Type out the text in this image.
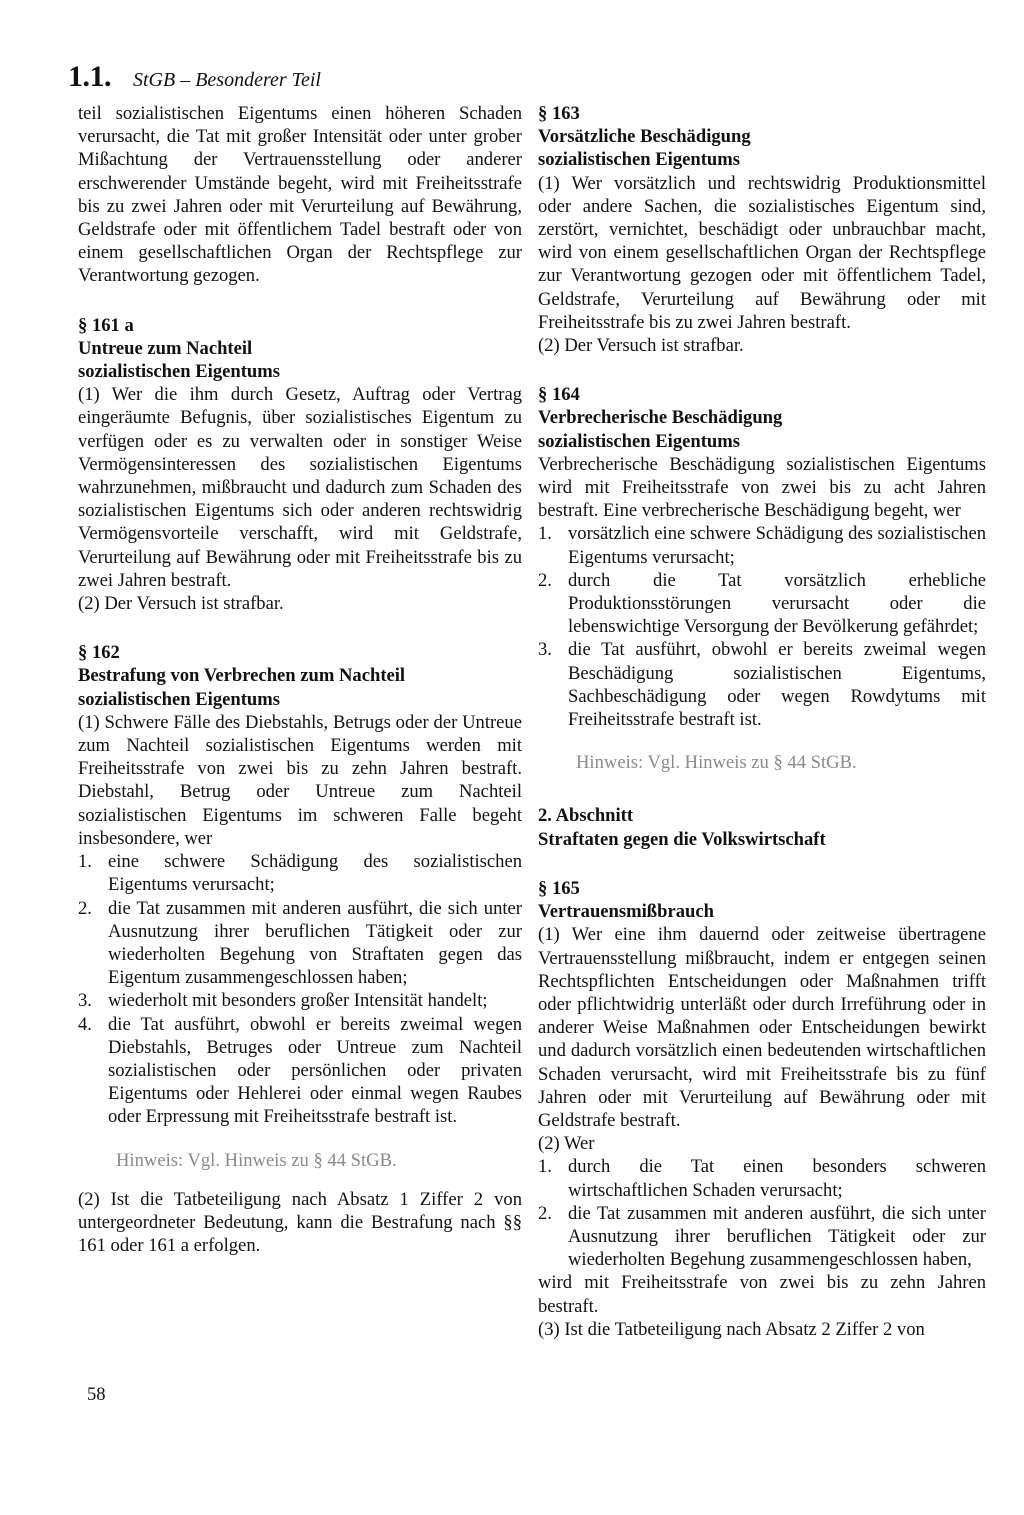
1.1. StGB – Besonderer Teil

teil sozialistischen Eigentums einen höheren Schaden verursacht, die Tat mit großer Intensität oder unter grober Mißachtung der Vertrauensstellung oder anderer erschwerender Umstände begeht, wird mit Freiheitsstrafe bis zu zwei Jahren oder mit Verurteilung auf Bewährung, Geldstrafe oder mit öffentlichem Tadel bestraft oder von einem gesellschaftlichen Organ der Rechtspflege zur Verantwortung gezogen.

§ 161 a

Untreue zum Nachteil

sozialistischen Eigentums

(1) Wer die ihm durch Gesetz, Auftrag oder Vertrag eingeräumte Befugnis, über sozialistisches Eigentum zu verfügen oder es zu verwalten oder in sonstiger Weise Vermögensinteressen des sozialistischen Eigentums wahrzunehmen, mißbraucht und dadurch zum Schaden des sozialistischen Eigentums sich oder anderen rechtswidrig Vermögensvorteile verschafft, wird mit Geldstrafe, Verurteilung auf Bewährung oder mit Freiheitsstrafe bis zu zwei Jahren bestraft.

(2) Der Versuch ist strafbar.

§ 162

Bestrafung von Verbrechen zum Nachteil

sozialistischen Eigentums

(1) Schwere Fälle des Diebstahls, Betrugs oder der Untreue zum Nachteil sozialistischen Eigentums werden mit Freiheitsstrafe von zwei bis zu zehn Jahren bestraft. Diebstahl, Betrug oder Untreue zum Nachteil sozialistischen Eigentums im schweren Falle begeht insbesondere, wer

1. eine schwere Schädigung des sozialistischen Eigentums verursacht;
2. die Tat zusammen mit anderen ausführt, die sich unter Ausnutzung ihrer beruflichen Tätigkeit oder zur wiederholten Begehung von Straftaten gegen das Eigentum zusammengeschlossen haben;
3. wiederholt mit besonders großer Intensität handelt;
4. die Tat ausführt, obwohl er bereits zweimal wegen Diebstahls, Betruges oder Untreue zum Nachteil sozialistischen oder persönlichen oder privaten Eigentums oder Hehlerei oder einmal wegen Raubes oder Erpressung mit Freiheitsstrafe bestraft ist.

Hinweis: Vgl. Hinweis zu § 44 StGB.

(2) Ist die Tatbeteiligung nach Absatz 1 Ziffer 2 von untergeordneter Bedeutung, kann die Bestrafung nach §§ 161 oder 161 a erfolgen.

§ 163

Vorsätzliche Beschädigung

sozialistischen Eigentums

(1) Wer vorsätzlich und rechtswidrig Produktionsmittel oder andere Sachen, die sozialistisches Eigentum sind, zerstört, vernichtet, beschädigt oder unbrauchbar macht, wird von einem gesellschaftlichen Organ der Rechtspflege zur Verantwortung gezogen oder mit öffentlichem Tadel, Geldstrafe, Verurteilung auf Bewährung oder mit Freiheitsstrafe bis zu zwei Jahren bestraft.

(2) Der Versuch ist strafbar.

§ 164

Verbrecherische Beschädigung

sozialistischen Eigentums

Verbrecherische Beschädigung sozialistischen Eigentums wird mit Freiheitsstrafe von zwei bis zu acht Jahren bestraft. Eine verbrecherische Beschädigung begeht, wer

1. vorsätzlich eine schwere Schädigung des sozialistischen Eigentums verursacht;
2. durch die Tat vorsätzlich erhebliche Produktionsstörungen verursacht oder die lebenswichtige Versorgung der Bevölkerung gefährdet;
3. die Tat ausführt, obwohl er bereits zweimal wegen Beschädigung sozialistischen Eigentums, Sachbeschädigung oder wegen Rowdytums mit Freiheitsstrafe bestraft ist.

Hinweis: Vgl. Hinweis zu § 44 StGB.

2. Abschnitt

Straftaten gegen die Volkswirtschaft

§ 165

Vertrauensmißbrauch

(1) Wer eine ihm dauernd oder zeitweise übertragene Vertrauensstellung mißbraucht, indem er entgegen seinen Rechtspflichten Entscheidungen oder Maßnahmen trifft oder pflichtwidrig unterläßt oder durch Irreführung oder in anderer Weise Maßnahmen oder Entscheidungen bewirkt und dadurch vorsätzlich einen bedeutenden wirtschaftlichen Schaden verursacht, wird mit Freiheitsstrafe bis zu fünf Jahren oder mit Verurteilung auf Bewährung oder mit Geldstrafe bestraft.

(2) Wer

1. durch die Tat einen besonders schweren wirtschaftlichen Schaden verursacht;
2. die Tat zusammen mit anderen ausführt, die sich unter Ausnutzung ihrer beruflichen Tätigkeit oder zur wiederholten Begehung zusammengeschlossen haben,

wird mit Freiheitsstrafe von zwei bis zu zehn Jahren bestraft.

(3) Ist die Tatbeteiligung nach Absatz 2 Ziffer 2 von

58
